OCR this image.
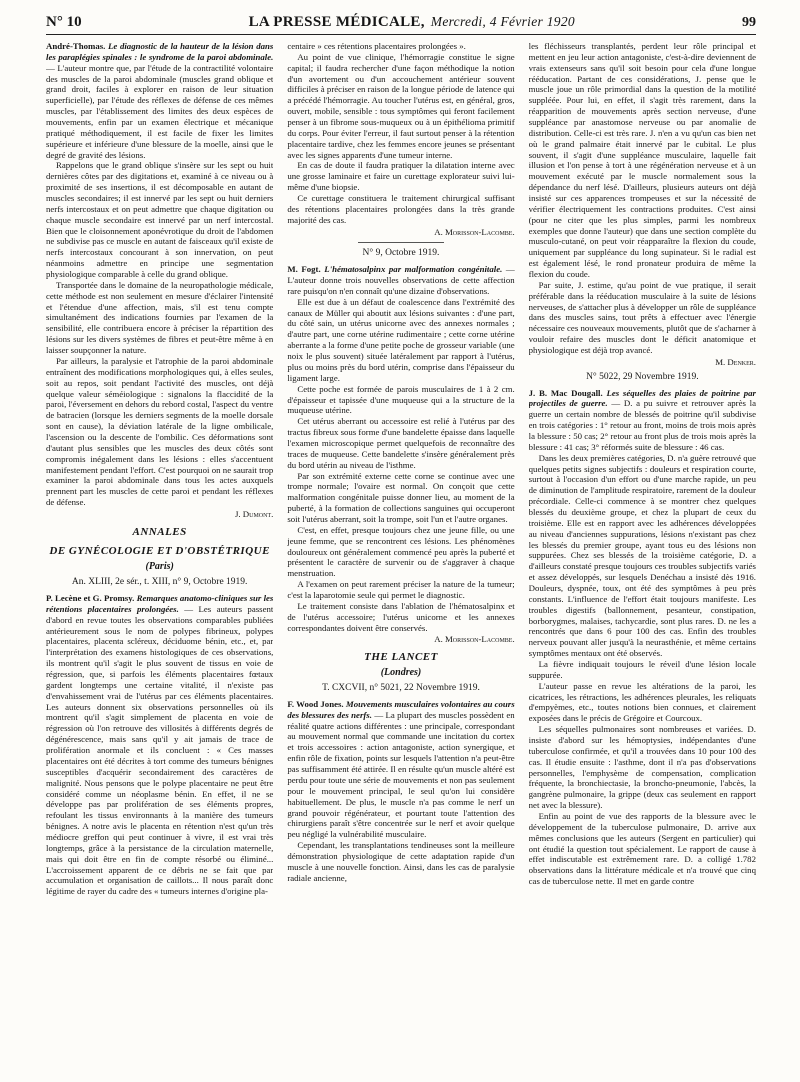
N° 10	LA PRESSE MÉDICALE, Mercredi, 4 Février 1920	99

André-Thomas. Le diagnostic de la hauteur de la lésion dans les paraplégies spinales : le syndrome de la paroi abdominale. — L'auteur montre que, par l'étude de la contractilité volontaire des muscles de la paroi abdominale (muscles grand oblique et grand droit, faciles à explorer en raison de leur situation superficielle), par l'étude des réflexes de défense de ces mêmes muscles, par l'établissement des limites des deux espèces de mouvements, enfin par un examen électrique et mécanique pratiqué méthodiquement, il est facile de fixer les limites supérieure et inférieure d'une blessure de la moelle, ainsi que le degré de gravité des lésions.

Rappelons que le grand oblique s'insère sur les sept ou huit dernières côtes par des digitations et, examiné à ce niveau ou à proximité de ses insertions, il est décomposable en autant de muscles secondaires; il est innervé par les sept ou huit derniers nerfs intercostaux et on peut admettre que chaque digitation ou chaque muscle secondaire est innervé par un nerf intercostal. Bien que le cloisonnement aponévrotique du droit de l'abdomen ne subdivise pas ce muscle en autant de faisceaux qu'il existe de nerfs intercostaux concourant à son innervation, on peut néanmoins admettre en principe une segmentation physiologique comparable à celle du grand oblique.

Transportée dans le domaine de la neuropathologie médicale, cette méthode est non seulement en mesure d'éclairer l'intensité et l'étendue d'une affection, mais, s'il est tenu compte simultanément des indications fournies par l'examen de la sensibilité, elle contribuera encore à préciser la répartition des lésions sur les divers systèmes de fibres et peut-être même à en laisser soupçonner la nature.

Par ailleurs, la paralysie et l'atrophie de la paroi abdominale entraînent des modifications morphologiques qui, à elles seules, soit au repos, soit pendant l'activité des muscles, ont déjà quelque valeur séméiologique : signalons la flaccidité de la paroi, l'éversement en dehors du rebord costal, l'aspect du ventre de batracien (lorsque les derniers segments de la moelle dorsale sont en cause), la déviation latérale de la ligne ombilicale, l'ascension ou la descente de l'ombilic. Ces déformations sont d'autant plus sensibles que les muscles des deux côtés sont compromis inégalement dans les lésions : elles s'accentuent manifestement pendant l'effort. C'est pourquoi on ne saurait trop examiner la paroi abdominale dans tous les actes auxquels prennent part les muscles de cette paroi et pendant les réflexes de défense.

J. Dumont.
ANNALES
DE GYNÉCOLOGIE ET D'OBSTÉTRIQUE
(Paris)
An. XLIII, 2e sér., t. XIII, n° 9, Octobre 1919.

P. Lecène et G. Promsy. Remarques anatomo-cliniques sur les rétentions placentaires prolongées. — Les auteurs passent d'abord en revue toutes les observations comparables publiées antérieurement sous le nom de polypes fibrineux, polypes placentaires, placenta scléreux, déciduome bénin, etc., et, par l'interprétation des examens histologiques de ces observations, ils montrent qu'il s'agit le plus souvent de tissus en voie de régression, que, si parfois les éléments placentaires fœtaux gardent longtemps une certaine vitalité, il n'existe pas d'envahissement vrai de l'utérus par ces éléments placentaires. Les auteurs donnent six observations personnelles où ils montrent qu'il s'agit simplement de placenta en voie de régression où l'on retrouve des villosités à différents degrés de dégénérescence, mais sans qu'il y ait jamais de trace de prolifération anormale et ils concluent : « Ces masses placentaires ont été décrites à tort comme des tumeurs bénignes susceptibles d'acquérir secondairement des caractères de malignité. Nous pensons que le polype placentaire ne peut être considéré comme un néoplasme bénin. En effet, il ne se développe pas par prolifération de ses éléments propres, refoulant les tissus environnants à la manière des tumeurs bénignes. A notre avis le placenta en rétention n'est qu'un très médiocre greffon qui peut continuer à vivre, il est vrai très longtemps, grâce à la persistance de la circulation maternelle, mais qui doit être en fin de compte résorbé ou éliminé... L'accroissement apparent de ce débris ne se fait que par accumulation et organisation de caillots... Il nous paraît donc légitime de rayer du cadre des « tumeurs internes d'origine pla-

centaire » ces rétentions placentaires prolongées ».

Au point de vue clinique, l'hémorragie constitue le signe capital; il faudra rechercher d'une façon méthodique la notion d'un avortement ou d'un accouchement antérieur souvent difficiles à préciser en raison de la longue période de latence qui a précédé l'hémorragie. Au toucher l'utérus est, en général, gros, ouvert, mobile, sensible : tous symptômes qui feront facilement penser à un fibrome sous-muqueux ou à un épithélioma primitif du corps. Pour éviter l'erreur, il faut surtout penser à la rétention placentaire tardive, chez les femmes encore jeunes se présentant avec les signes apparents d'une tumeur interne.

En cas de doute il faudra pratiquer la dilatation interne avec une grosse laminaire et faire un curettage explorateur suivi lui-même d'une biopsie.

Ce curettage constituera le traitement chirurgical suffisant des rétentions placentaires prolongées dans la très grande majorité des cas.

A. Morisson-Lacombe.
N° 9, Octobre 1919.

M. Fogt. L'hématosalpinx par malformation congénitale. — L'auteur donne trois nouvelles observations de cette affection rare puisqu'on n'en connaît qu'une dizaine d'observations.

Elle est due à un défaut de coalescence dans l'extrémité des canaux de Müller qui aboutit aux lésions suivantes : d'une part, du côté sain, un utérus unicorne avec des annexes normales ; d'autre part, une corne utérine rudimentaire ; cette corne utérine aberrante a la forme d'une petite poche de grosseur variable (une noix le plus souvent) située latéralement par rapport à l'utérus, plus ou moins près du bord utérin, comprise dans l'épaisseur du ligament large.

Cette poche est formée de parois musculaires de 1 à 2 cm. d'épaisseur et tapissée d'une muqueuse qui a la structure de la muqueuse utérine.

Cet utérus aberrant ou accessoire est relié à l'utérus par des tractus fibreux sous forme d'une bandelette épaisse dans laquelle l'examen microscopique permet quelquefois de reconnaître des traces de muqueuse. Cette bandelette s'insère généralement près du bord utérin au niveau de l'isthme.

Par son extrémité externe cette corne se continue avec une trompe normale; l'ovaire est normal. On conçoit que cette malformation congénitale puisse donner lieu, au moment de la puberté, à la formation de collections sanguines qui occuperont soit l'utérus aberrant, soit la trompe, soit l'un et l'autre organes.

C'est, en effet, presque toujours chez une jeune fille, ou une jeune femme, que se rencontrent ces lésions. Les phénomènes douloureux ont généralement commencé peu après la puberté et présentent le caractère de survenir ou de s'aggraver à chaque menstruation.

A l'examen on peut rarement préciser la nature de la tumeur; c'est la laparotomie seule qui permet le diagnostic.

Le traitement consiste dans l'ablation de l'hématosalpinx et de l'utérus accessoire; l'utérus unicorne et les annexes correspondantes doivent être conservés.

A. Morisson-Lacombe.
THE LANCET
(Londres)
T. CXCVII, n° 5021, 22 Novembre 1919.

F. Wood Jones. Mouvements musculaires volontaires au cours des blessures des nerfs. — La plupart des muscles possèdent en réalité quatre actions différentes : une principale, correspondant au mouvement normal que commande une incitation du cortex et trois accessoires : action antagoniste, action synergique, et enfin rôle de fixation, points sur lesquels l'attention n'a peut-être pas suffisamment été attirée. Il en résulte qu'un muscle altéré est perdu pour toute une série de mouvements et non pas seulement pour le mouvement principal, le seul qu'on lui considère habituellement. De plus, le muscle n'a pas comme le nerf un grand pouvoir régénérateur, et pourtant toute l'attention des chirurgiens paraît s'être concentrée sur le nerf et avoir quelque peu négligé la vulnérabilité musculaire.

Cependant, les transplantations tendineuses sont la meilleure démonstration physiologique de cette adaptation rapide d'un muscle à une nouvelle fonction. Ainsi, dans les cas de paralysie radiale ancienne,

les fléchisseurs transplantés, perdent leur rôle principal et mettent en jeu leur action antagoniste, c'est-à-dire deviennent de vrais extenseurs sans qu'il soit besoin pour cela d'une longue rééducation. Partant de ces considérations, J. pense que le muscle joue un rôle primordial dans la question de la motilité suppléée. Pour lui, en effet, il s'agit très rarement, dans la réapparition de mouvements après section nerveuse, d'une suppléance par anastomose nerveuse ou par anomalie de distribution. Celle-ci est très rare. J. n'en a vu qu'un cas bien net où le grand palmaire était innervé par le cubital. Le plus souvent, il s'agit d'une suppléance musculaire, laquelle fait illusion et l'on pense à tort à une régénération nerveuse et à un mouvement exécuté par le muscle normalement sous la dépendance du nerf lésé. D'ailleurs, plusieurs auteurs ont déjà insisté sur ces apparences trompeuses et sur la nécessité de vérifier électriquement les contractions produites. C'est ainsi (pour ne citer que les plus simples, parmi les nombreux exemples que donne l'auteur) que dans une section complète du musculo-cutané, on peut voir réapparaître la flexion du coude, uniquement par suppléance du long supinateur. Si le radial est est également lésé, le rond pronateur produira de même la flexion du coude.

Par suite, J. estime, qu'au point de vue pratique, il serait préférable dans la rééducation musculaire à la suite de lésions nerveuses, de s'attacher plus à développer un rôle de suppléance dans des muscles sains, tout prêts à effectuer avec l'énergie nécessaire ces nouveaux mouvements, plutôt que de s'acharner à vouloir refaire des muscles dont le déficit anatomique et physiologique est déjà trop avancé.

M. Denker.
N° 5022, 29 Novembre 1919.

J. B. Mac Dougall. Les séquelles des plaies de poitrine par projectiles de guerre. — D. a pu suivre et retrouver après la guerre un certain nombre de blessés de poitrine qu'il subdivise en trois catégories : 1° retour au front, moins de trois mois après la blessure : 50 cas; 2° retour au front plus de trois mois après la blessure : 41 cas; 3° réformés suite de blessure : 46 cas.

Dans les deux premières catégories, D. n'a guère retrouvé que quelques petits signes subjectifs : douleurs et respiration courte, surtout à l'occasion d'un effort ou d'une marche rapide, un peu de diminution de l'amplitude respiratoire, rarement de la douleur précordiale. Celle-ci commence à se montrer chez quelques blessés du deuxième groupe, et chez la plupart de ceux du troisième. Elle est en rapport avec les adhérences développées au niveau d'anciennes suppurations, lésions n'existant pas chez les blessés du premier groupe, ayant tous eu des lésions non suppurées. Chez ses blessés de la troisième catégorie, D. a d'ailleurs constaté presque toujours ces troubles subjectifs variés et assez développés, sur lesquels Denéchau a insisté dès 1916. Douleurs, dyspnée, toux, ont été des symptômes à peu près constants. L'influence de l'effort était toujours manifeste. Les troubles digestifs (ballonnement, pesanteur, constipation, borborygmes, malaises, tachycardie, sont plus rares. D. ne les a rencontrés que dans 6 pour 100 des cas. Enfin des troubles nerveux pouvant aller jusqu'à la neurasthénie, et même certains symptômes mentaux ont été observés.

La fièvre indiquait toujours le réveil d'une lésion locale suppurée.

L'auteur passe en revue les altérations de la paroi, les cicatrices, les rétractions, les adhérences pleurales, les reliquats d'empyèmes, etc., toutes notions bien connues, et clairement exposées dans le précis de Grégoire et Courcoux.

Les séquelles pulmonaires sont nombreuses et variées. D. insiste d'abord sur les hémoptysies, indépendantes d'une tuberculose confirmée, et qu'il a trouvées dans 10 pour 100 des cas. Il étudie ensuite : l'asthme, dont il n'a pas d'observations personnelles, l'emphysème de compensation, complication fréquente, la bronchiectasie, la broncho-pneumonie, l'abcès, la gangrène pulmonaire, la grippe (deux cas seulement en rapport net avec la blessure).

Enfin au point de vue des rapports de la blessure avec le développement de la tuberculose pulmonaire, D. arrive aux mêmes conclusions que les auteurs (Sergent en particulier) qui ont étudié la question tout spécialement. Le rapport de cause à effet indiscutable est extrêmement rare. D. a colligé 1.782 observations dans la littérature médicale et n'a trouvé que cinq cas de tuberculose nette. Il met en garde contre
